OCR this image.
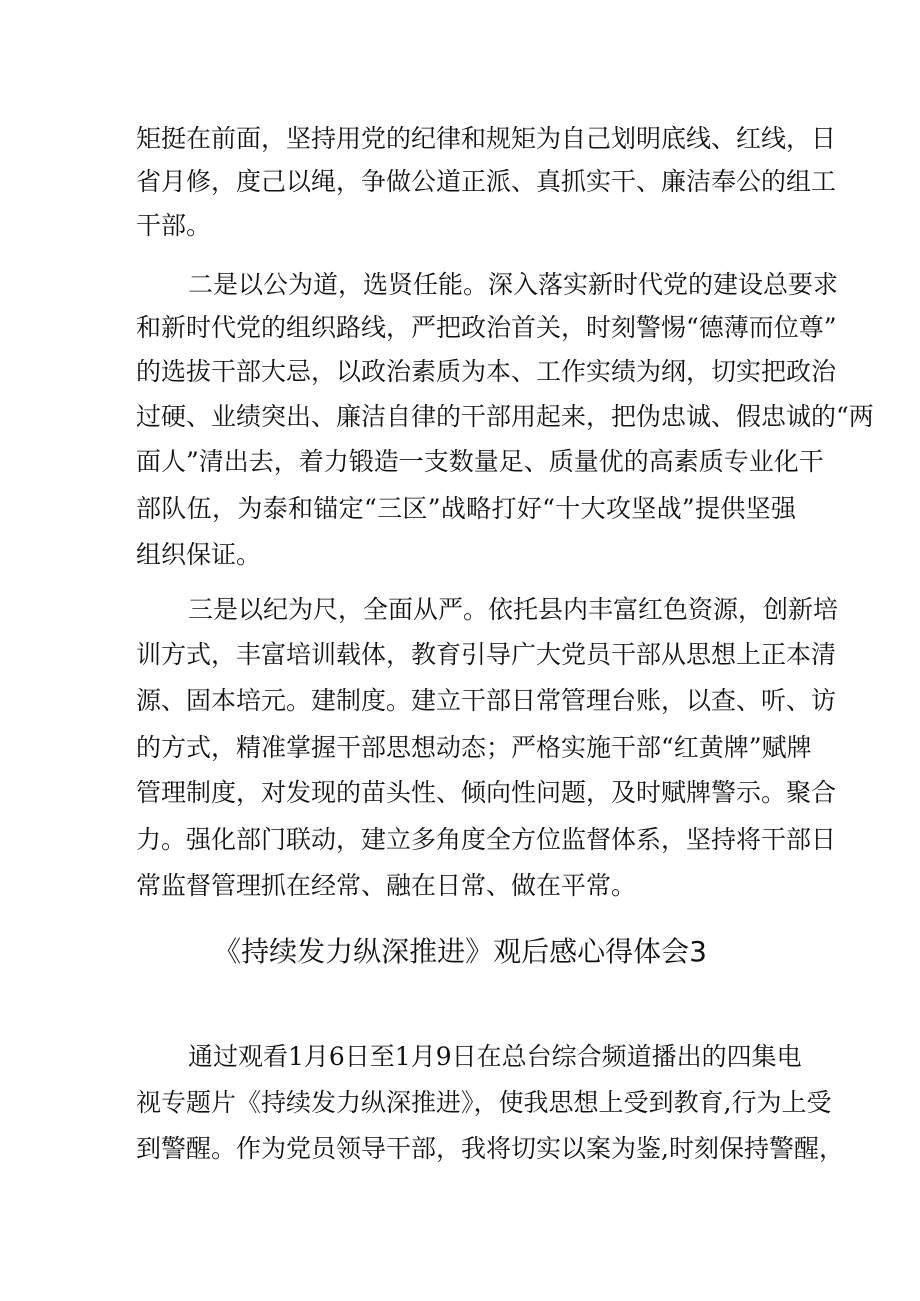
矩挺在前面，坚持用党的纪律和规矩为自己划明底线、红线，日
省月修，度己以绳，争做公道正派、真抓实干、廉洁奉公的组工
干部。
二是以公为道，选贤任能。深入落实新时代党的建设总要求
和新时代党的组织路线，严把政治首关，时刻警惕“德薄而位尊”
的选拔干部大忌，以政治素质为本、工作实绩为纲，切实把政治
过硬、业绩突出、廉洁自律的干部用起来，把伪忠诚、假忠诚的“两
面人”清出去，着力锻造一支数量足、质量优的高素质专业化干
部队伍，为泰和锚定“三区”战略打好“十大攻坚战”提供坚强
组织保证。
三是以纪为尺，全面从严。依托县内丰富红色资源，创新培
训方式，丰富培训载体，教育引导广大党员干部从思想上正本清
源、固本培元。建制度。建立干部日常管理台账，以查、听、访
的方式，精准掌握干部思想动态；严格实施干部“红黄牌”赋牌
管理制度，对发现的苗头性、倾向性问题，及时赋牌警示。聚合
力。强化部门联动，建立多角度全方位监督体系，坚持将干部日
常监督管理抓在经常、融在日常、做在平常。
《持续发力纵深推进》观后感心得体会3
通过观看1月6日至1月9日在总台综合频道播出的四集电
视专题片《持续发力纵深推进》，使我思想上受到教育,行为上受
到警醒。作为党员领导干部，我将切实以案为鉴,时刻保持警醒，
